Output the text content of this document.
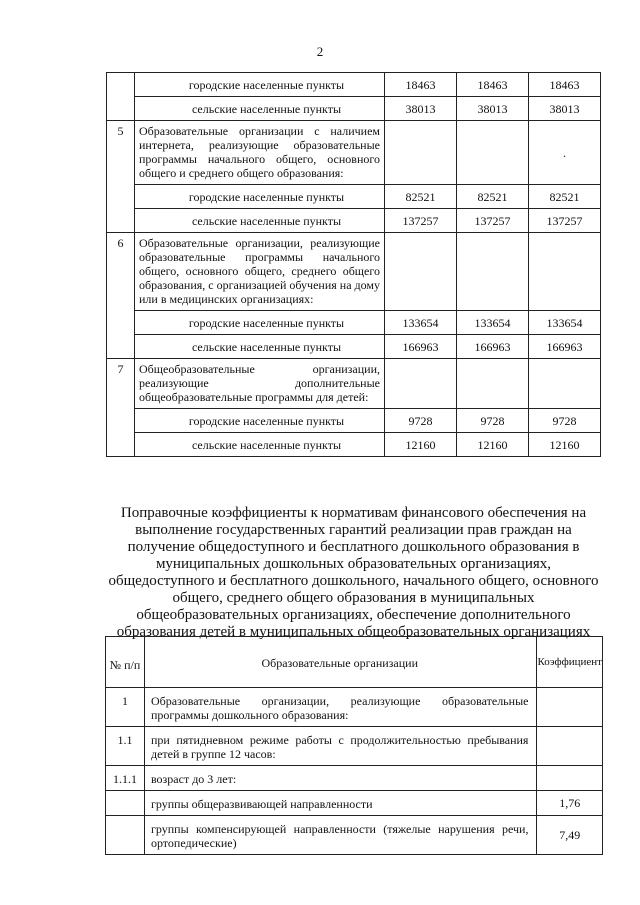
2
	городские населенные пункты	18463	18463	18463
	сельские населенные пункты	38013	38013	38013
5	Образовательные организации с наличием интернета, реализующие образовательные программы начального общего, основного общего и среднего общего образования:			.
	городские населенные пункты	82521	82521	82521
	сельские населенные пункты	137257	137257	137257
6	Образовательные организации, реализующие образовательные программы начального общего, основного общего, среднего общего образования, с организацией обучения на дому или в медицинских организациях:			
	городские населенные пункты	133654	133654	133654
	сельские населенные пункты	166963	166963	166963
7	Общеобразовательные организации, реализующие дополнительные общеобразовательные программы для детей:			
	городские населенные пункты	9728	9728	9728
	сельские населенные пункты	12160	12160	12160
Поправочные коэффициенты к нормативам финансового обеспечения на выполнение государственных гарантий реализации прав граждан на получение общедоступного и бесплатного дошкольного образования в муниципальных дошкольных образовательных организациях, общедоступного и бесплатного дошкольного, начального общего, основного общего, среднего общего образования в муниципальных общеобразовательных организациях, обеспечение дополнительного образования детей в муниципальных общеобразовательных организациях
№ п/п	Образовательные организации	Коэффициент
1	Образовательные организации, реализующие образовательные программы дошкольного образования:	
1.1	при пятидневном режиме работы с продолжительностью пребывания детей в группе 12 часов:	
1.1.1	возраст до 3 лет:	
	группы общеразвивающей направленности	1,76
	группы компенсирующей направленности (тяжелые нарушения речи, ортопедические)	7,49
